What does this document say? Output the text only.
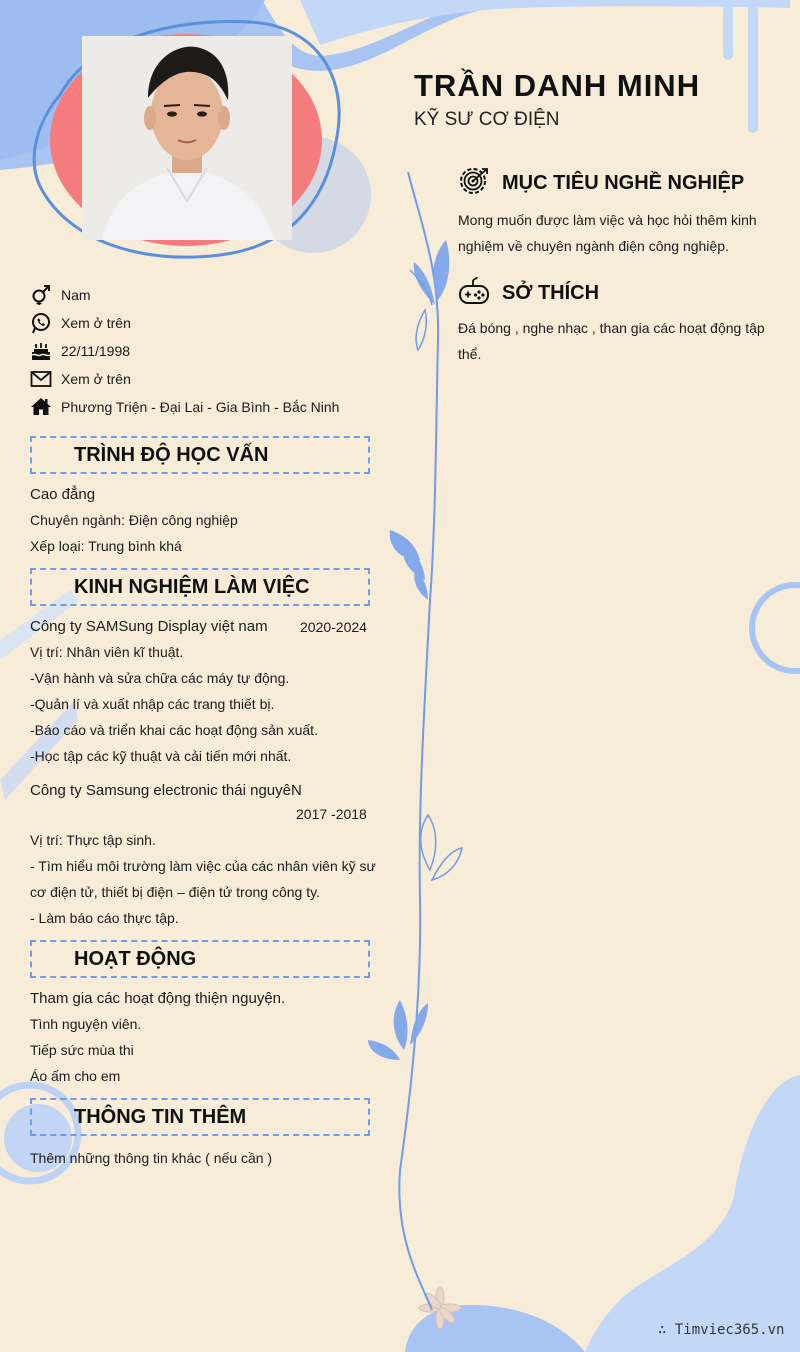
TRẦN DANH MINH
KỸ SƯ CƠ ĐIỆN
Nam
Xem ở trên
22/11/1998
Xem ở trên
Phương Triện - Đại Lai - Gia Bình - Bắc Ninh
TRÌNH ĐỘ HỌC VẤN
Cao đẳng
Chuyên ngành: Điện công nghiệp
Xếp loại: Trung bình khá
KINH NGHIỆM LÀM VIỆC
Công ty SAMSung Display việt nam 2020-2024
Vị trí: Nhân viên kĩ thuật.
-Vận hành và sửa chữa các máy tự động.
-Quản lí và xuất nhập các trang thiết bị.
-Báo cáo và triển khai các hoạt động sản xuất.
-Học tập các kỹ thuật và cải tiến mới nhất.
Công ty Samsung electronic thái nguyêN
2017 -2018
Vị trí: Thực tập sinh.
- Tìm hiểu môi trường làm việc của các nhân viên kỹ sư
cơ điện tử, thiết bị điện – điện tử trong công ty.
- Làm báo cáo thực tập.
HOẠT ĐỘNG
Tham gia các hoạt động thiện nguyện.
Tình nguyện viên.
Tiếp sức mùa thi
Áo ấm cho em
THÔNG TIN THÊM
Thêm những thông tin khác ( nếu cần )
MỤC TIÊU NGHỀ NGHIỆP
Mong muốn được làm việc và học hỏi thêm kinh nghiệm về chuyên ngành điện công nghiệp.
SỞ THÍCH
Đá bóng , nghe nhạc , than gia các hoạt động tập thể.
∴ Timviec365.vn
